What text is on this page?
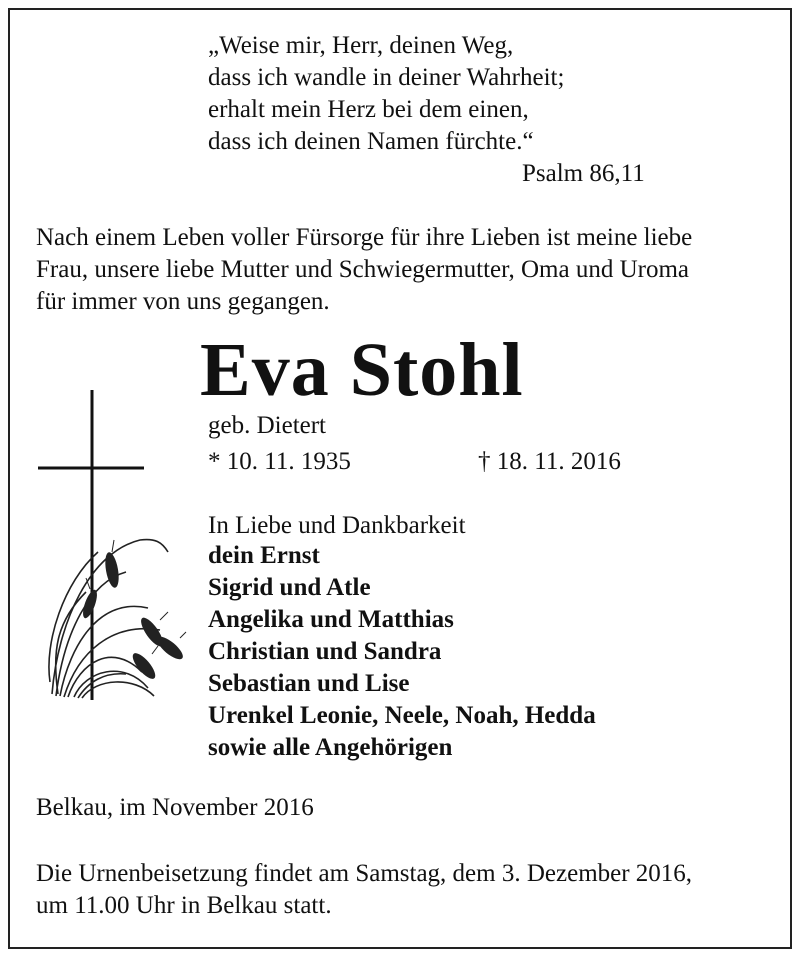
„Weise mir, Herr, deinen Weg,
dass ich wandle in deiner Wahrheit;
erhalt mein Herz bei dem einen,
dass ich deinen Namen fürchte.“
Psalm 86,11
Nach einem Leben voller Fürsorge für ihre Lieben ist meine liebe
Frau, unsere liebe Mutter und Schwiegermutter, Oma und Uroma
für immer von uns gegangen.
Eva Stohl
geb. Dietert
* 10. 11. 1935	† 18. 11. 2016
In Liebe und Dankbarkeit
dein Ernst
Sigrid und Atle
Angelika und Matthias
Christian und Sandra
Sebastian und Lise
Urenkel Leonie, Neele, Noah, Hedda
sowie alle Angehörigen
Belkau, im November 2016
Die Urnenbeisetzung findet am Samstag, dem 3. Dezember 2016,
um 11.00 Uhr in Belkau statt.
